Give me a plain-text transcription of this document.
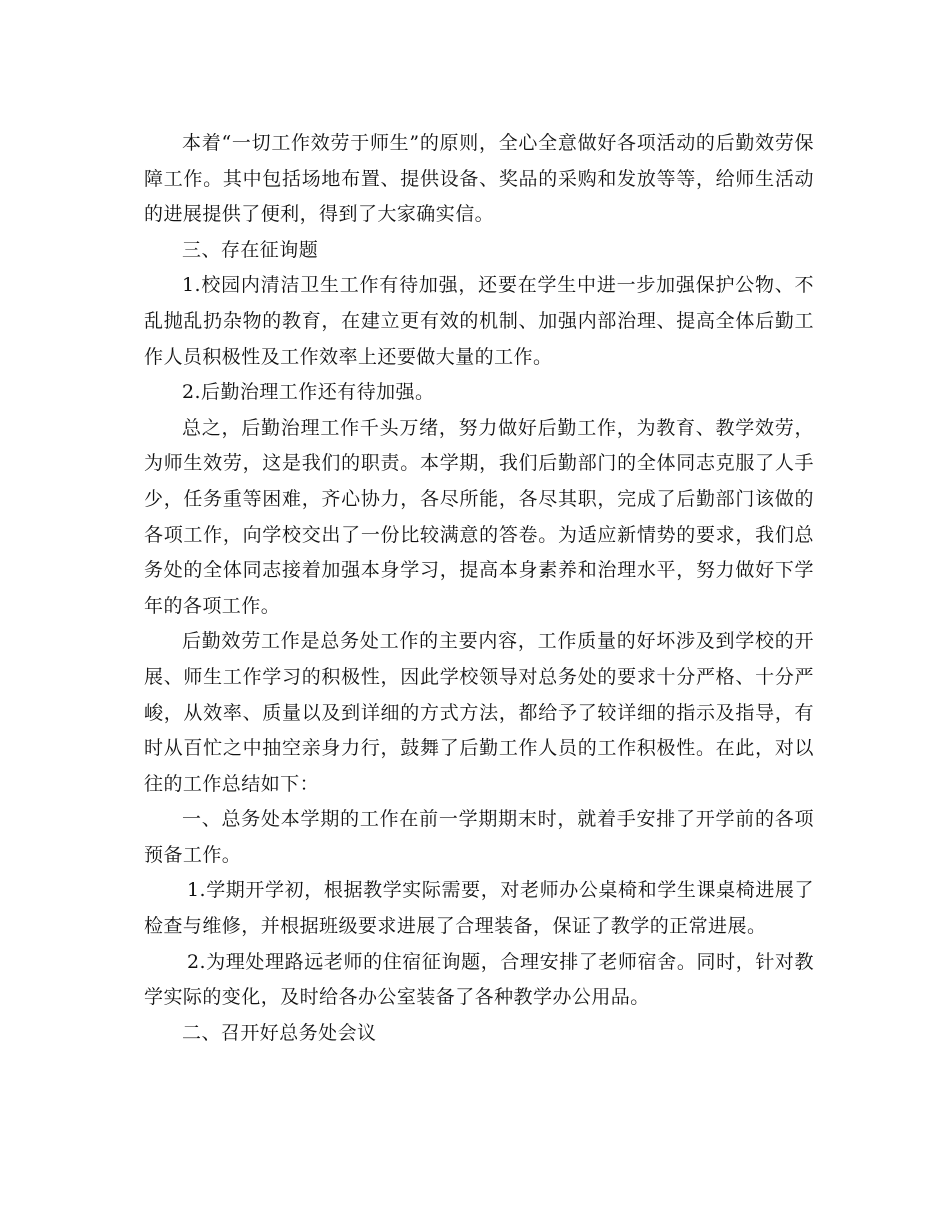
本着“一切工作效劳于师生”的原则，全心全意做好各项活动的后勤效劳保障工作。其中包括场地布置、提供设备、奖品的采购和发放等等，给师生活动的进展提供了便利，得到了大家确实信。

三、存在征询题

1.校园内清洁卫生工作有待加强，还要在学生中进一步加强保护公物、不乱抛乱扔杂物的教育，在建立更有效的机制、加强内部治理、提高全体后勤工作人员积极性及工作效率上还要做大量的工作。

2.后勤治理工作还有待加强。

总之，后勤治理工作千头万绪，努力做好后勤工作，为教育、教学效劳，为师生效劳，这是我们的职责。本学期，我们后勤部门的全体同志克服了人手少，任务重等困难，齐心协力，各尽所能，各尽其职，完成了后勤部门该做的各项工作，向学校交出了一份比较满意的答卷。为适应新情势的要求，我们总务处的全体同志接着加强本身学习，提高本身素养和治理水平，努力做好下学年的各项工作。

后勤效劳工作是总务处工作的主要内容，工作质量的好坏涉及到学校的开展、师生工作学习的积极性，因此学校领导对总务处的要求十分严格、十分严峻，从效率、质量以及到详细的方式方法，都给予了较详细的指示及指导，有时从百忙之中抽空亲身力行，鼓舞了后勤工作人员的工作积极性。在此，对以往的工作总结如下：

一、总务处本学期的工作在前一学期期末时，就着手安排了开学前的各项预备工作。

1.学期开学初，根据教学实际需要，对老师办公桌椅和学生课桌椅进展了检查与维修，并根据班级要求进展了合理装备，保证了教学的正常进展。

2.为理处理路远老师的住宿征询题，合理安排了老师宿舍。同时，针对教学实际的变化，及时给各办公室装备了各种教学办公用品。

二、召开好总务处会议
